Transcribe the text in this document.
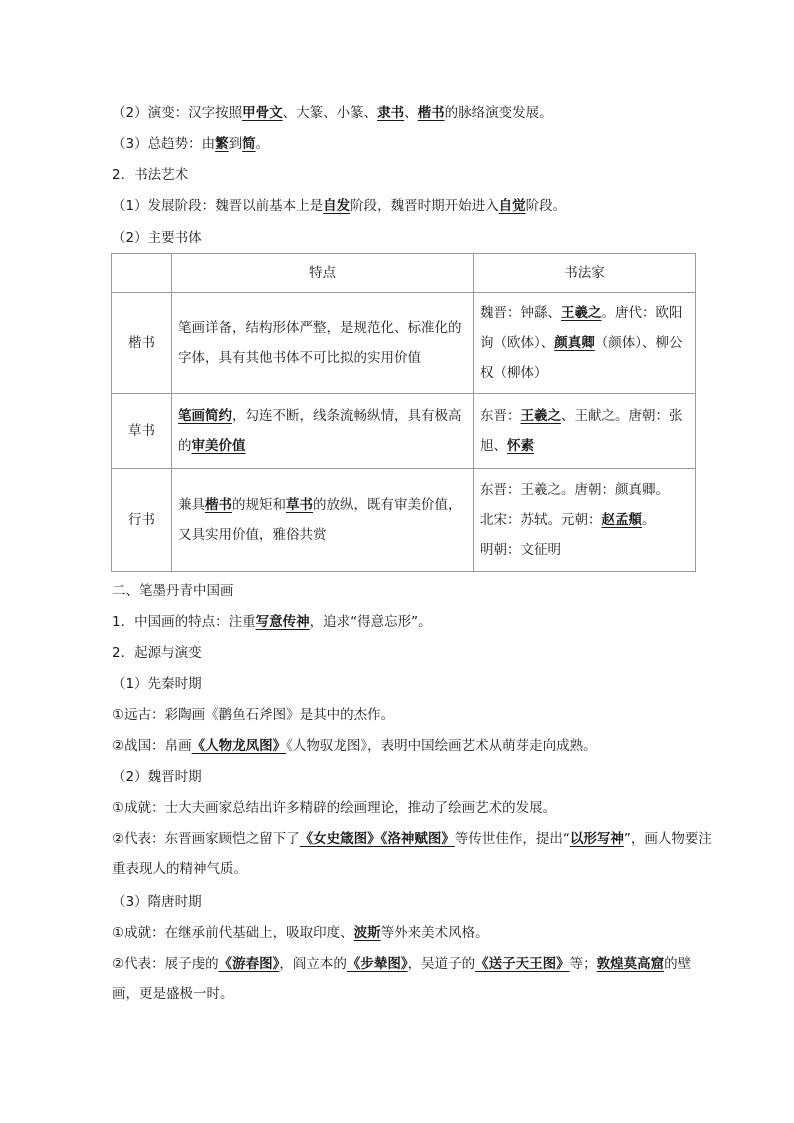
（2）演变：汉字按照甲骨文、大篆、小篆、隶书、楷书的脉络演变发展。
（3）总趋势：由繁到简。
2．书法艺术
（1）发展阶段：魏晋以前基本上是自发阶段，魏晋时期开始进入自觉阶段。
（2）主要书体
	特点	书法家
楷书	笔画详备，结构形体严整，是规范化、标准化的字体，具有其他书体不可比拟的实用价值	魏晋：钟繇、王羲之。唐代：欧阳询（欧体）、颜真卿（颜体）、柳公权（柳体）
草书	笔画简约，勾连不断，线条流畅纵情，具有极高的审美价值	东晋：王羲之、王献之。唐朝：张旭、怀素
行书	兼具楷书的规矩和草书的放纵，既有审美价值，又具实用价值，雅俗共赏	东晋：王羲之。唐朝：颜真卿。
北宋：苏轼。元朝：赵孟頫。
明朝：文征明
二、笔墨丹青中国画
1．中国画的特点：注重写意传神，追求“得意忘形”。
2．起源与演变
（1）先秦时期
①远古：彩陶画《鹳鱼石斧图》是其中的杰作。
②战国：帛画《人物龙凤图》《人物驭龙图》，表明中国绘画艺术从萌芽走向成熟。
（2）魏晋时期
①成就：士大夫画家总结出许多精辟的绘画理论，推动了绘画艺术的发展。
②代表：东晋画家顾恺之留下了《女史箴图》《洛神赋图》等传世佳作，提出“以形写神”，画人物要注重表现人的精神气质。
（3）隋唐时期
①成就：在继承前代基础上，吸取印度、波斯等外来美术风格。
②代表：展子虔的《游春图》，阎立本的《步辇图》，吴道子的《送子天王图》等；敦煌莫高窟的壁画，更是盛极一时。
